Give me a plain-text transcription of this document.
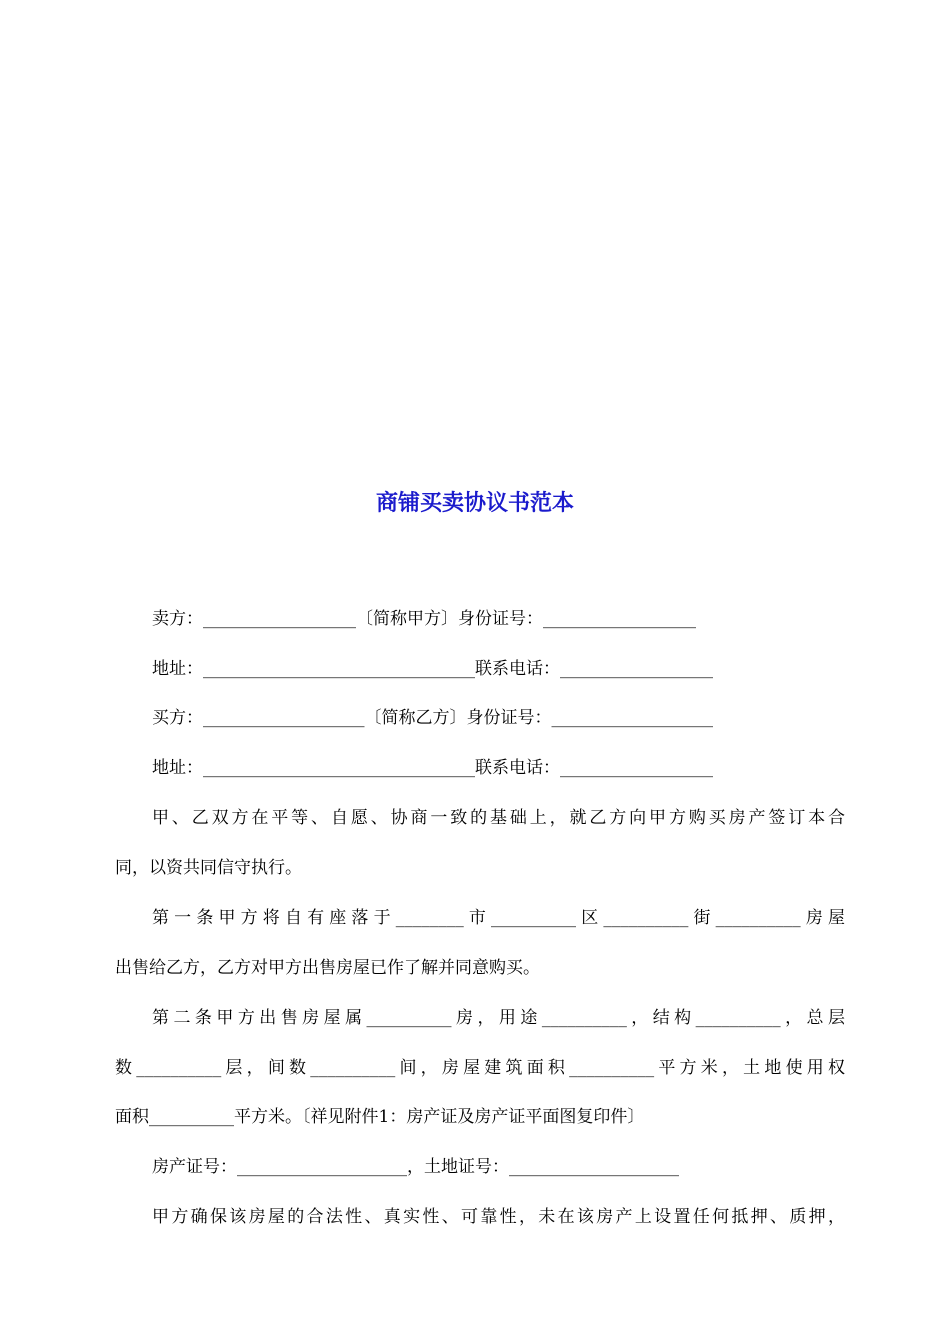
商铺买卖协议书范本

卖方：__________________〔简称甲方〕身份证号：__________________

地址：________________________________联系电话：__________________

买方：___________________〔简称乙方〕身份证号：___________________

地址：________________________________联系电话：__________________

甲、乙双方在平等、自愿、协商一致的基础上，就乙方向甲方购买房产签订本合

同，以资共同信守执行。

第一条甲方将自有座落于________市__________区__________街__________房屋

出售给乙方，乙方对甲方出售房屋已作了解并同意购买。

第二条甲方出售房屋属__________房，用途__________，结构__________，总层

数__________层，间数__________间，房屋建筑面积__________平方米，土地使用权

面积__________平方米。〔祥见附件1：房产证及房产证平面图复印件〕

房产证号：____________________，土地证号：____________________

甲方确保该房屋的合法性、真实性、可靠性，未在该房产上设置任何抵押、质押，
